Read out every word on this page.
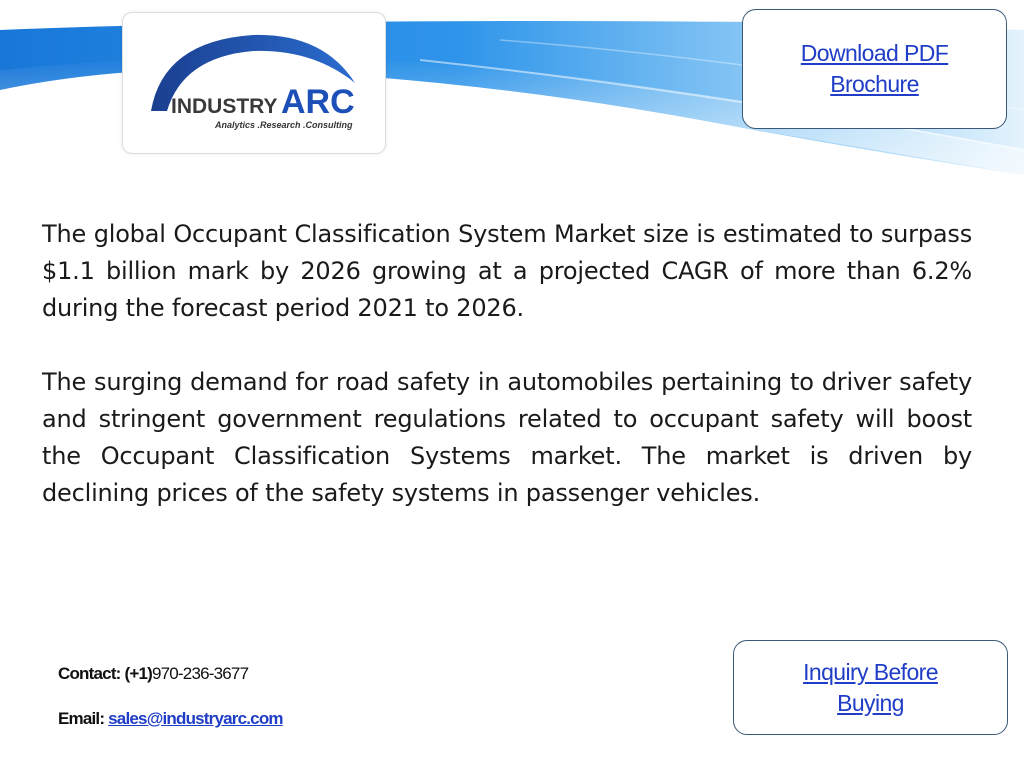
INDUSTRY ARC
Analytics .Research .Consulting
Download PDF Brochure

The global Occupant Classification System Market size is estimated to surpass $1.1 billion mark by 2026 growing at a projected CAGR of more than 6.2% during the forecast period 2021 to 2026.

The surging demand for road safety in automobiles pertaining to driver safety and stringent government regulations related to occupant safety will boost the Occupant Classification Systems market. The market is driven by declining prices of the safety systems in passenger vehicles.

Contact: (+1)970-236-3677
Email: sales@industryarc.com
Inquiry Before Buying
